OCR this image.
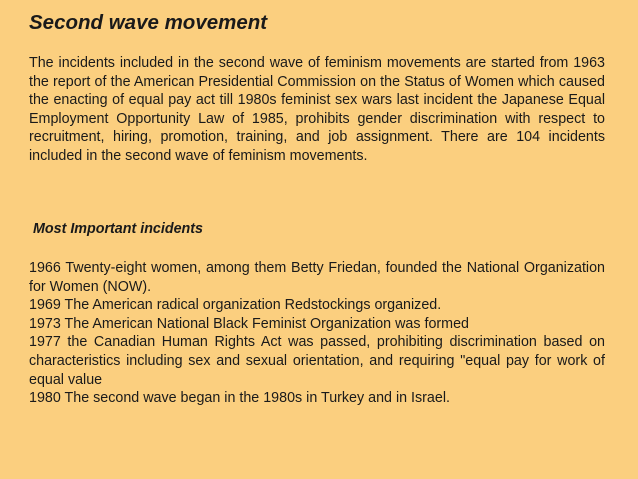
Second wave movement

The incidents included in the second wave of feminism movements are started from 1963 the report of the American Presidential Commission on the Status of Women which caused the enacting of equal pay act till 1980s feminist sex wars last incident the Japanese Equal Employment Opportunity Law of 1985, prohibits gender discrimination with respect to recruitment, hiring, promotion, training, and job assignment. There are 104 incidents included in the second wave of feminism movements.

Most Important incidents
1966 Twenty-eight women, among them Betty Friedan, founded the National Organization for Women (NOW).
1969 The American radical organization Redstockings organized.
1973 The American National Black Feminist Organization was formed
1977 the Canadian Human Rights Act was passed, prohibiting discrimination based on characteristics including sex and sexual orientation, and requiring "equal pay for work of equal value
1980 The second wave began in the 1980s in Turkey and in Israel.
